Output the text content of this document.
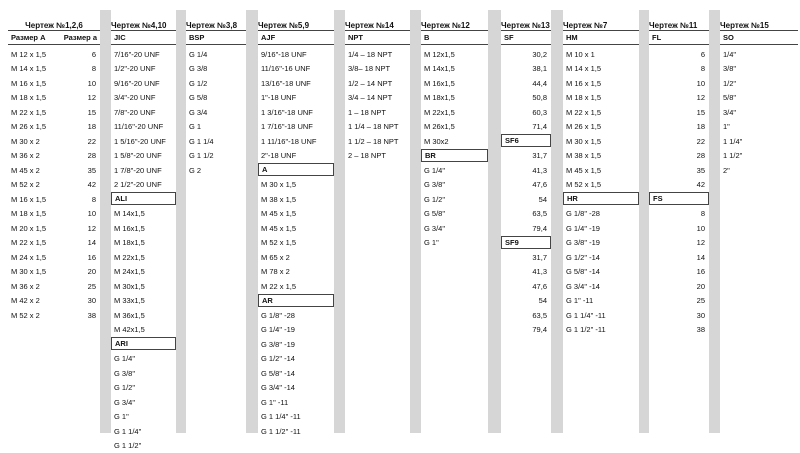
Чертеж №1,2,6
Размер A	Размер a
M 12 x 1,5	6
M 14 x 1,5	8
M 16 x 1,5	10
M 18 x 1,5	12
M 22 x 1,5	15
M 26 x 1,5	18
M 30 x 2	22
M 36 x 2	28
M 45 x 2	35
M 52 x 2	42
M 16 x 1,5	8
M 18 x 1,5	10
M 20 x 1,5	12
M 22 x 1,5	14
M 24 x 1,5	16
M 30 x 1,5	20
M 36 x 2	25
M 42 x 2	30
M 52 x 2	38
Чертеж №4,10
JIC
7/16"-20 UNF
1/2"-20 UNF
9/16"-20 UNF
3/4"-20 UNF
7/8"-20 UNF
11/16"-20 UNF
1 5/16"-20 UNF
1 5/8"-20 UNF
1 7/8"-20 UNF
2 1/2"-20 UNF
ALI
M 14x1,5
M 16x1,5
M 18x1,5
M 22x1,5
M 24x1,5
M 30x1,5
M 33x1,5
M 36x1,5
M 42x1,5
ARI
G 1/4"
G 3/8"
G 1/2"
G 3/4"
G 1"
G 1 1/4"
G 1 1/2"
Чертеж №3,8
BSP
G 1/4
G 3/8
G 1/2
G 5/8
G 3/4
G 1
G 1 1/4
G 1 1/2
G 2
Чертеж №5,9
AJF
9/16"-18 UNF
11/16"-16 UNF
13/16"-18 UNF
1"-18 UNF
1 3/16"-18 UNF
1 7/16"-18 UNF
1 11/16"-18 UNF
2"-18 UNF
A
M 30 x 1,5
M 38 x 1,5
M 45 x 1,5
M 45 x 1,5
M 52 x 1,5
M 65 x 2
M 78 x 2
M 22 x 1,5
AR
G 1/8" -28
G 1/4" -19
G 3/8" -19
G 1/2" -14
G 5/8" -14
G 3/4" -14
G 1" -11
G 1 1/4" -11
G 1 1/2" -11
Чертеж №14
NPT
1/4 – 18 NPT
3/8– 18 NPT
1/2 – 14 NPT
3/4 – 14 NPT
1 – 18 NPT
1 1/4 – 18 NPT
1 1/2 – 18 NPT
2 – 18 NPT
Чертеж №12
B
M 12x1,5
M 14x1,5
M 16x1,5
M 18x1,5
M 22x1,5
M 26x1,5
M 30x2
BR
G 1/4"
G 3/8"
G 1/2"
G 5/8"
G 3/4"
G 1"
Чертеж №13
SF
30,2
38,1
44,4
50,8
60,3
71,4
SF6
31,7
41,3
47,6
54
63,5
79,4
SF9
31,7
41,3
47,6
54
63,5
79,4
Чертеж №7
HM
M 10 x 1
M 14 x 1,5
M 16 x 1,5
M 18 x 1,5
M 22 x 1,5
M 26 x 1,5
M 30 x 1,5
M 38 x 1,5
M 45 x 1,5
M 52 x 1,5
HR
G 1/8" -28
G 1/4" -19
G 3/8" -19
G 1/2" -14
G 5/8" -14
G 3/4" -14
G 1" -11
G 1 1/4" -11
G 1 1/2" -11
Чертеж №11
FL
6
8
10
12
15
18
22
28
35
42
FS
8
10
12
14
16
20
25
30
38
Чертеж №15
SO
1/4"
3/8"
1/2"
5/8"
3/4"
1"
1 1/4"
1 1/2"
2"
